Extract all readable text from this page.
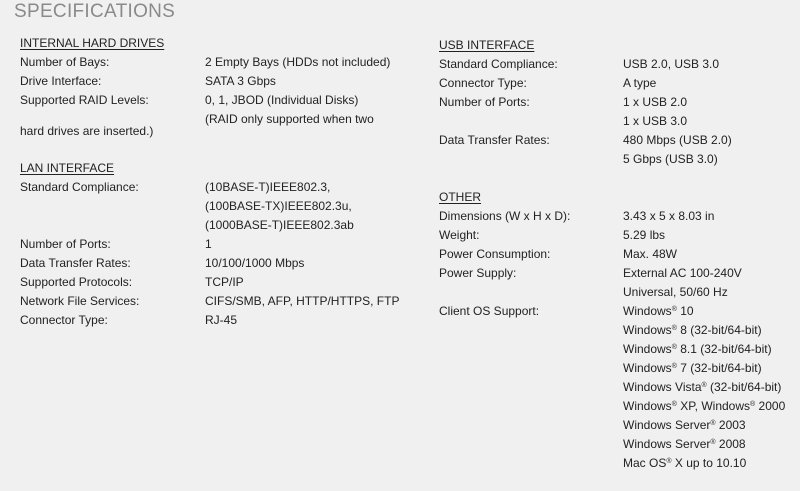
SPECIFICATIONS
INTERNAL HARD DRIVES
Number of Bays:	2 Empty Bays (HDDs not included)
Drive Interface:	SATA 3 Gbps
Supported RAID Levels:	0, 1, JBOD (Individual Disks)
(RAID only supported when two
hard drives are inserted.)
LAN INTERFACE
Standard Compliance:	(10BASE-T)IEEE802.3,
(100BASE-TX)IEEE802.3u,
(1000BASE-T)IEEE802.3ab
Number of Ports:	1
Data Transfer Rates:	10/100/1000 Mbps
Supported Protocols:	TCP/IP
Network File Services:	CIFS/SMB, AFP, HTTP/HTTPS, FTP
Connector Type:	RJ-45
USB INTERFACE
Standard Compliance:	USB 2.0, USB 3.0
Connector Type:	A type
Number of Ports:	1 x USB 2.0
1 x USB 3.0
Data Transfer Rates:	480 Mbps (USB 2.0)
5 Gbps (USB 3.0)
OTHER
Dimensions (W x H x D):	3.43 x 5 x 8.03 in
Weight:	5.29 lbs
Power Consumption:	Max. 48W
Power Supply:	External AC 100-240V
Universal, 50/60 Hz
Client OS Support:	Windows® 10
Windows® 8 (32-bit/64-bit)
Windows® 8.1 (32-bit/64-bit)
Windows® 7 (32-bit/64-bit)
Windows Vista® (32-bit/64-bit)
Windows® XP, Windows® 2000
Windows Server® 2003
Windows Server® 2008
Mac OS® X up to 10.10
